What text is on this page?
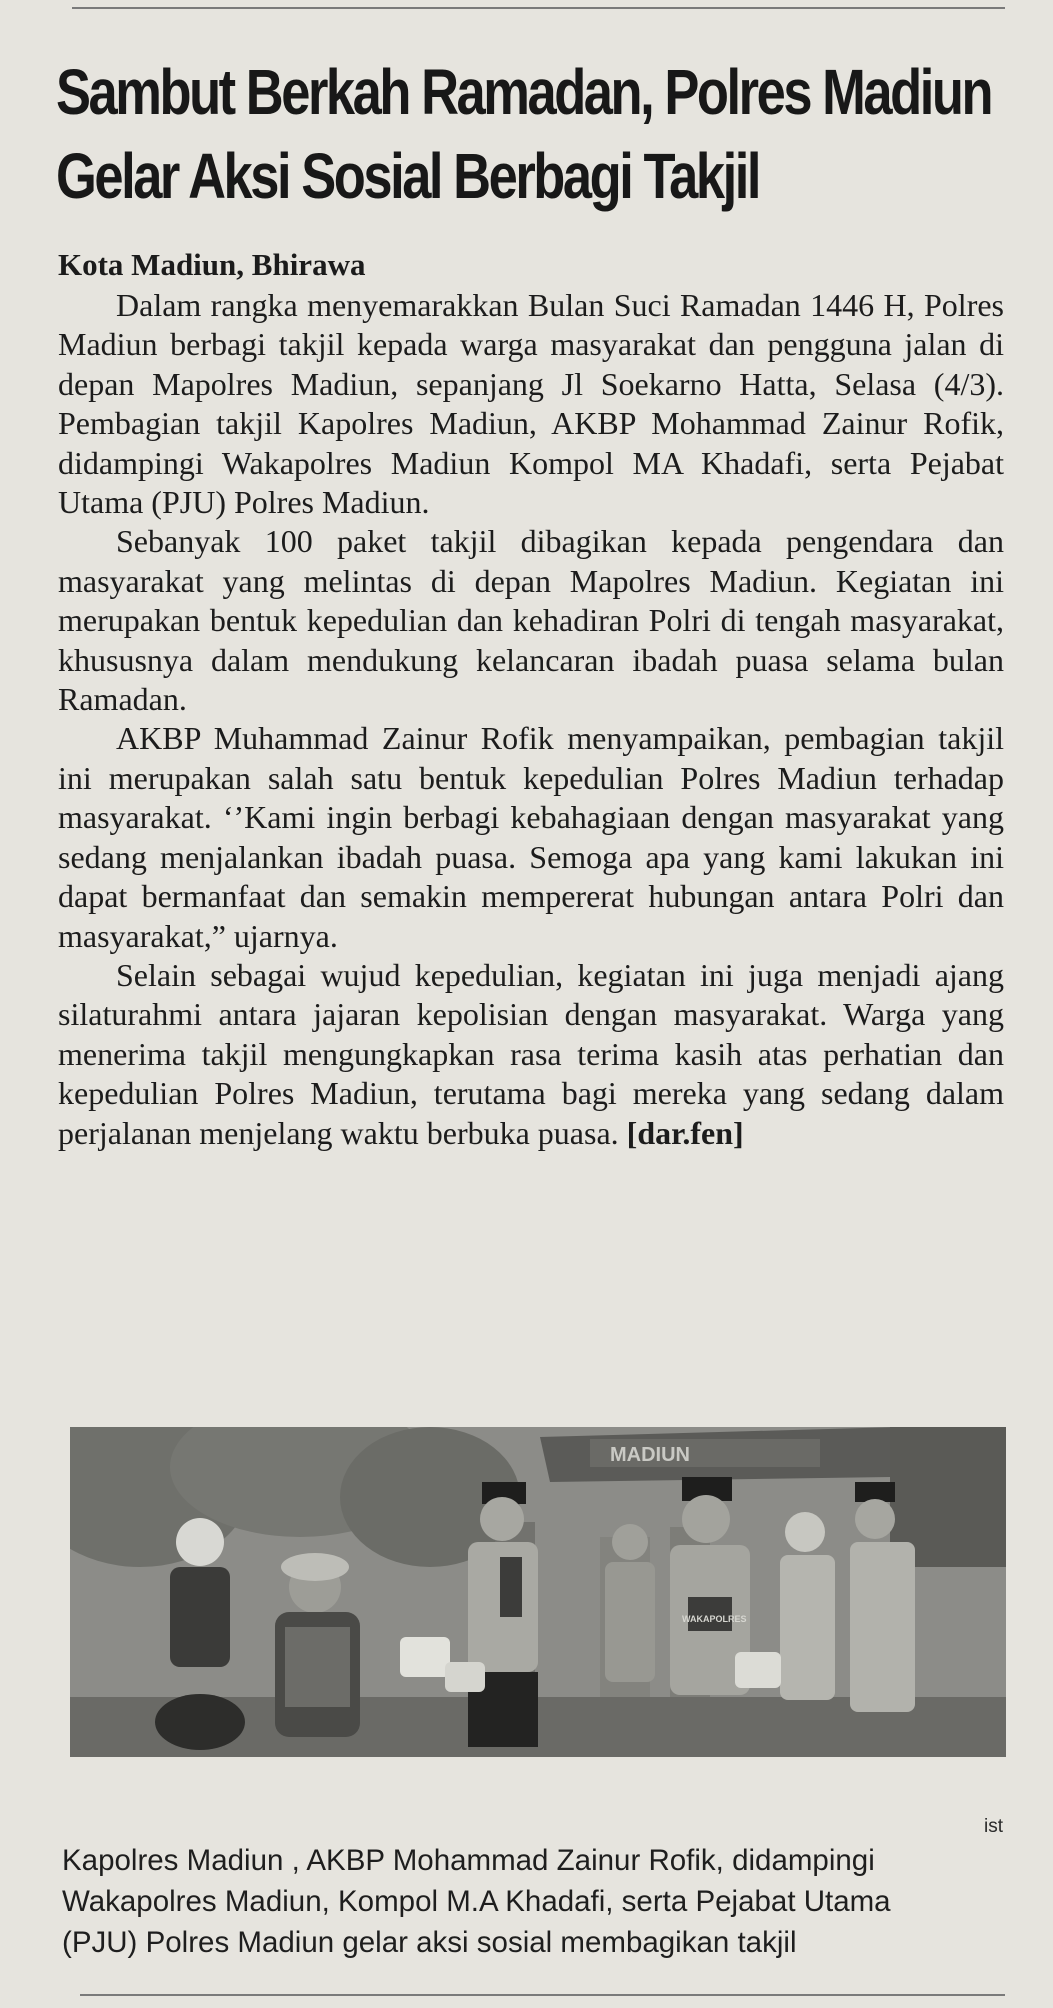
Sambut Berkah Ramadan, Polres Madiun
Gelar Aksi Sosial Berbagi Takjil
Kota Madiun, Bhirawa

Dalam rangka menyemarakkan Bulan Suci Ramadan 1446 H, Polres Madiun berbagi takjil kepada warga masyarakat dan pengguna jalan di depan Mapolres Madiun, sepanjang Jl Soekarno Hatta, Selasa (4/3). Pembagian takjil Kapolres Madiun, AKBP Mohammad Zainur Rofik, didampingi Wakapolres Madiun Kompol MA Khadafi, serta Pejabat Utama (PJU) Polres Madiun.

Sebanyak 100 paket takjil dibagikan kepada pengendara dan masyarakat yang melintas di depan Mapolres Madiun. Kegiatan ini merupakan bentuk kepedulian dan kehadiran Polri di tengah masyarakat, khususnya dalam mendukung kelancaran ibadah puasa selama bulan Ramadan.

AKBP Muhammad Zainur Rofik menyampaikan, pembagian takjil ini merupakan salah satu bentuk kepedulian Polres Madiun terhadap masyarakat. ‘’Kami ingin berbagi kebahagiaan dengan masyarakat yang sedang menjalankan ibadah puasa. Semoga apa yang kami lakukan ini dapat bermanfaat dan semakin mempererat hubungan antara Polri dan masyarakat,” ujarnya.

Selain sebagai wujud kepedulian, kegiatan ini juga menjadi ajang silaturahmi antara jajaran kepolisian dengan masyarakat. Warga yang menerima takjil mengungkapkan rasa terima kasih atas perhatian dan kepedulian Polres Madiun, terutama bagi mereka yang sedang dalam perjalanan menjelang waktu berbuka puasa. [dar.fen]

MADIUN
WAKAPOLRES
ist
Kapolres Madiun , AKBP Mohammad Zainur Rofik, didampingi
Wakapolres Madiun, Kompol M.A Khadafi, serta Pejabat Utama
(PJU) Polres Madiun gelar aksi sosial membagikan takjil
